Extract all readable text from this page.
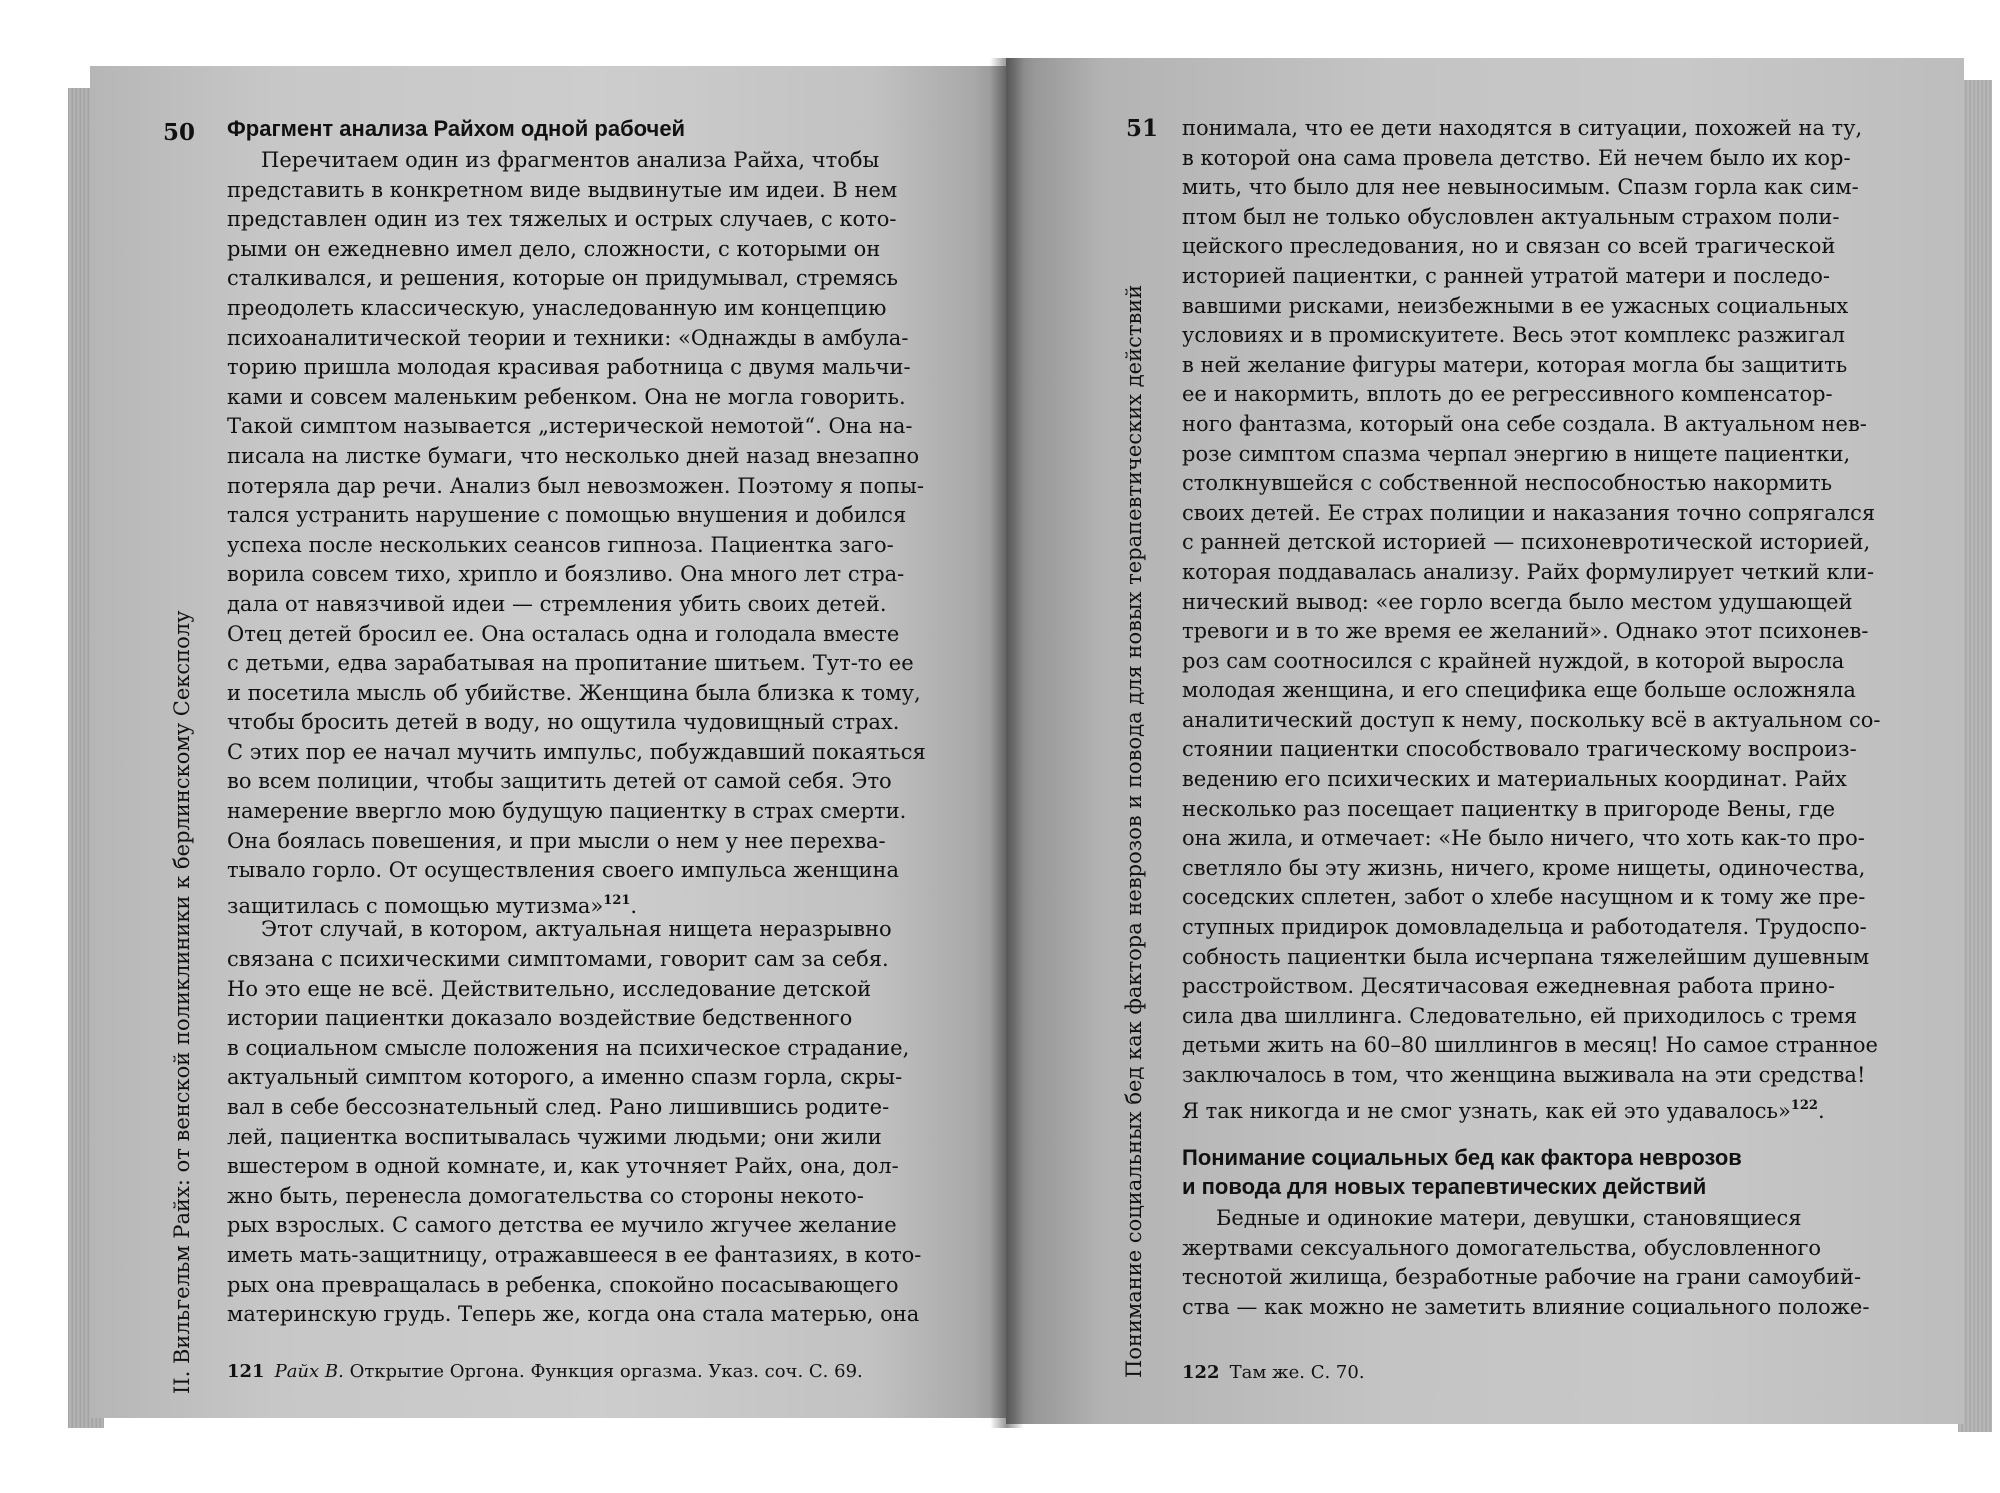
50 Фрагмент анализа Райхом одной рабочей
II. Вильгельм Райх: от венской поликлиники к берлинскому Сексполу
Перечитаем один из фрагментов анализа Райха, чтобы
представить в конкретном виде выдвинутые им идеи. В нем
представлен один из тех тяжелых и острых случаев, с кото-
рыми он ежедневно имел дело, сложности, с которыми он
сталкивался, и решения, которые он придумывал, стремясь
преодолеть классическую, унаследованную им концепцию
психоаналитической теории и техники: «Однажды в амбула-
торию пришла молодая красивая работница с двумя мальчи-
ками и совсем маленьким ребенком. Она не могла говорить.
Такой симптом называется „истерической немотой“. Она на-
писала на листке бумаги, что несколько дней назад внезапно
потеряла дар речи. Анализ был невозможен. Поэтому я попы-
тался устранить нарушение с помощью внушения и добился
успеха после нескольких сеансов гипноза. Пациентка заго-
ворила совсем тихо, хрипло и боязливо. Она много лет стра-
дала от навязчивой идеи — стремления убить своих детей.
Отец детей бросил ее. Она осталась одна и голодала вместе
с детьми, едва зарабатывая на пропитание шитьем. Тут-то ее
и посетила мысль об убийстве. Женщина была близка к тому,
чтобы бросить детей в воду, но ощутила чудовищный страх.
С этих пор ее начал мучить импульс, побуждавший покаяться
во всем полиции, чтобы защитить детей от самой себя. Это
намерение ввергло мою будущую пациентку в страх смерти.
Она боялась повешения, и при мысли о нем у нее перехва-
тывало горло. От осуществления своего импульса женщина
защитилась с помощью мутизма»$^{121}$.
Этот случай, в котором, актуальная нищета неразрывно
связана с психическими симптомами, говорит сам за себя.
Но это еще не всё. Действительно, исследование детской
истории пациентки доказало воздействие бедственного
в социальном смысле положения на психическое страдание,
актуальный симптом которого, а именно спазм горла, скры-
вал в себе бессознательный след. Рано лишившись родите-
лей, пациентка воспитывалась чужими людьми; они жили
вшестером в одной комнате, и, как уточняет Райх, она, дол-
жно быть, перенесла домогательства со стороны некото-
рых взрослых. С самого детства ее мучило жгучее желание
иметь мать-защитницу, отражавшееся в ее фантазиях, в кото-
рых она превращалась в ребенка, спокойно посасывающего
материнскую грудь. Теперь же, когда она стала матерью, она
121 Райх В. Открытие Оргона. Функция оргазма. Указ. соч. С. 69.
51
Понимание социальных бед как фактора неврозов и повода для новых терапевтических действий
понимала, что ее дети находятся в ситуации, похожей на ту,
в которой она сама провела детство. Ей нечем было их кор-
мить, что было для нее невыносимым. Спазм горла как сим-
птом был не только обусловлен актуальным страхом поли-
цейского преследования, но и связан со всей трагической
историей пациентки, с ранней утратой матери и последо-
вавшими рисками, неизбежными в ее ужасных социальных
условиях и в промискуитете. Весь этот комплекс разжигал
в ней желание фигуры матери, которая могла бы защитить
ее и накормить, вплоть до ее регрессивного компенсатор-
ного фантазма, который она себе создала. В актуальном нев-
розе симптом спазма черпал энергию в нищете пациентки,
столкнувшейся с собственной неспособностью накормить
своих детей. Ее страх полиции и наказания точно сопрягался
с ранней детской историей — психоневротической историей,
которая поддавалась анализу. Райх формулирует четкий кли-
нический вывод: «ее горло всегда было местом удушающей
тревоги и в то же время ее желаний». Однако этот психонев-
роз сам соотносился с крайней нуждой, в которой выросла
молодая женщина, и его специфика еще больше осложняла
аналитический доступ к нему, поскольку всё в актуальном со-
стоянии пациентки способствовало трагическому воспроиз-
ведению его психических и материальных координат. Райх
несколько раз посещает пациентку в пригороде Вены, где
она жила, и отмечает: «Не было ничего, что хоть как-то про-
светляло бы эту жизнь, ничего, кроме нищеты, одиночества,
соседских сплетен, забот о хлебе насущном и к тому же пре-
ступных придирок домовладельца и работодателя. Трудоспо-
собность пациентки была исчерпана тяжелейшим душевным
расстройством. Десятичасовая ежедневная работа прино-
сила два шиллинга. Следовательно, ей приходилось с тремя
детьми жить на 60–80 шиллингов в месяц! Но самое странное
заключалось в том, что женщина выживала на эти средства!
Я так никогда и не смог узнать, как ей это удавалось»$^{122}$.
Понимание социальных бед как фактора неврозов
и повода для новых терапевтических действий
Бедные и одинокие матери, девушки, становящиеся
жертвами сексуального домогательства, обусловленного
теснотой жилища, безработные рабочие на грани самоубий-
ства — как можно не заметить влияние социального положе-
122 Там же. С. 70.
